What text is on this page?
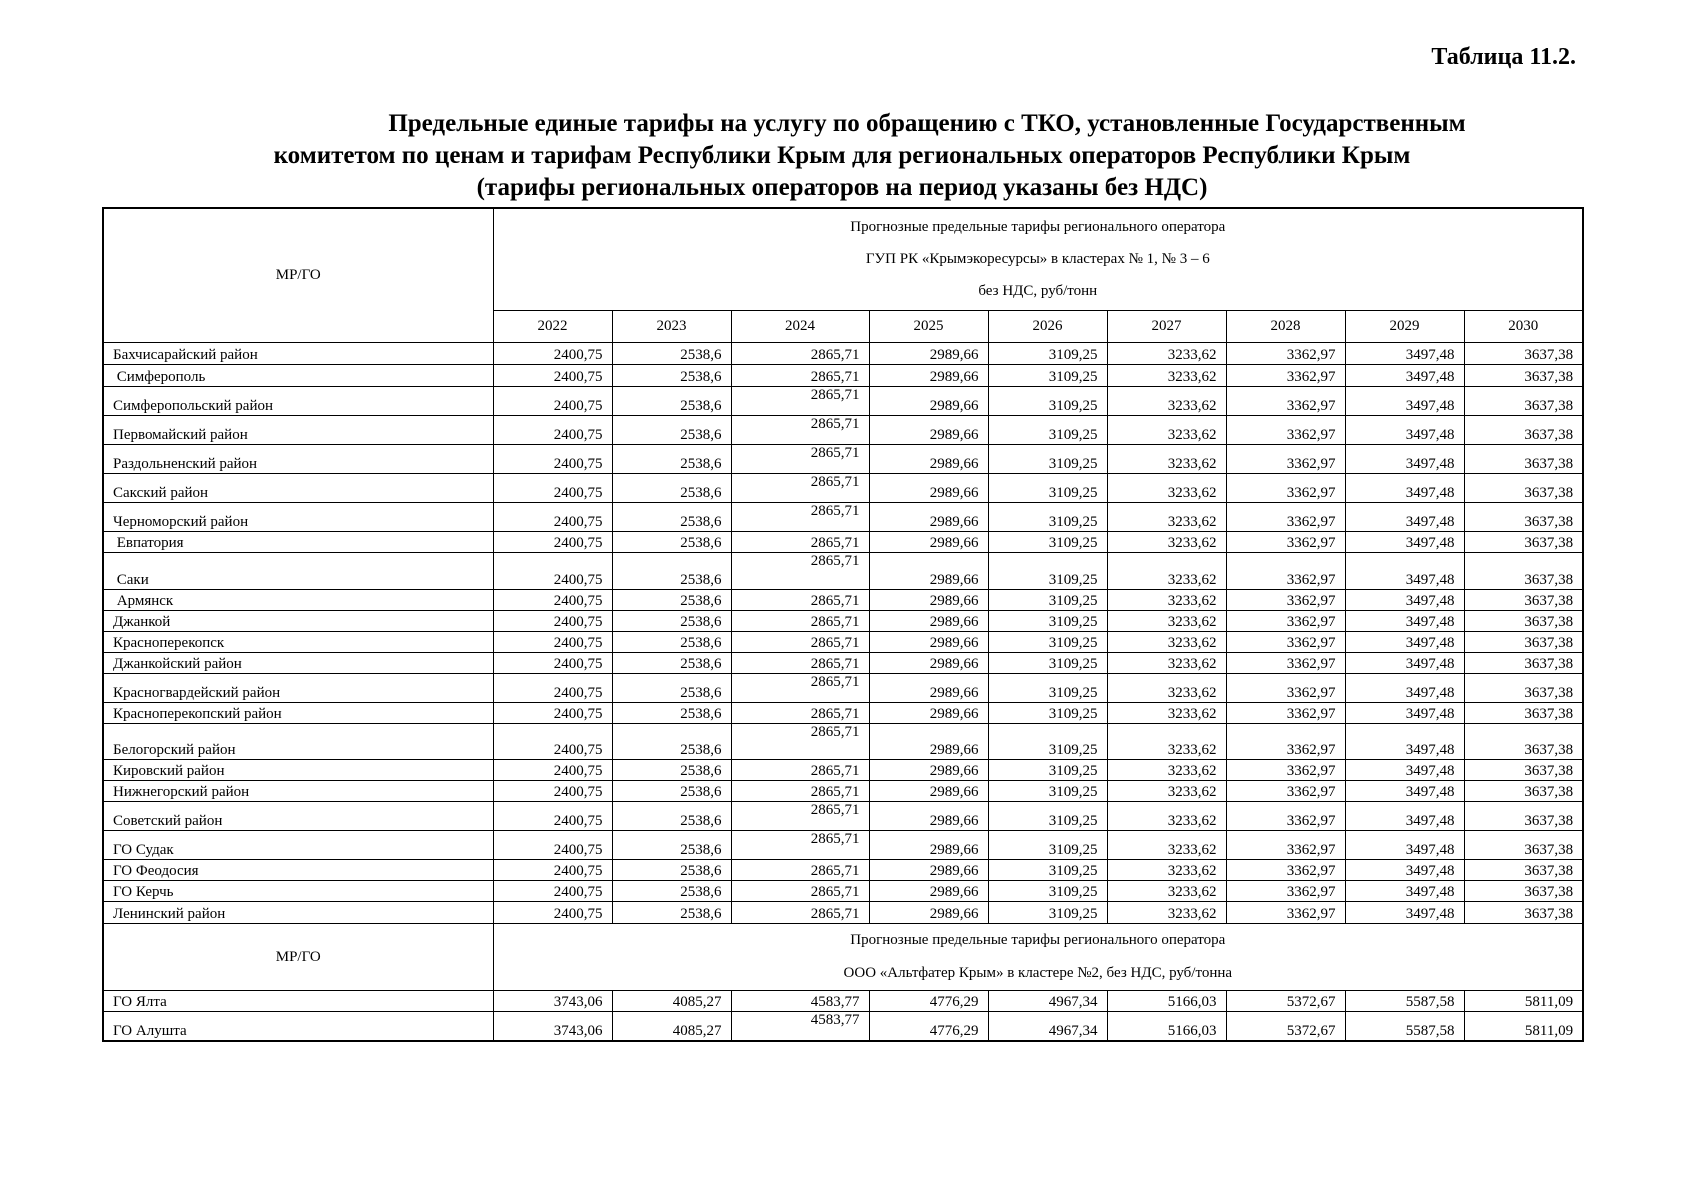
Таблица 11.2.
Предельные единые тарифы на услугу по обращению с ТКО, установленные Государственным
комитетом по ценам и тарифам Республики Крым для региональных операторов Республики Крым
(тарифы региональных операторов на период указаны без НДС)
МР/ГО	Прогнозные предельные тарифы регионального оператора
ГУП РК «Крымэкоресурсы» в кластерах № 1, № 3 – 6
без НДС, руб/тонн								

	2022	2023	2024	2025	2026	2027	2028	2029	2030
Бахчисарайский район	2400,75	2538,6	2865,71	2989,66	3109,25	3233,62	3362,97	3497,48	3637,38
Симферополь	2400,75	2538,6	2865,71	2989,66	3109,25	3233,62	3362,97	3497,48	3637,38
Симферопольский район	2400,75	2538,6	2865,71	2989,66	3109,25	3233,62	3362,97	3497,48	3637,38
Первомайский район	2400,75	2538,6	2865,71	2989,66	3109,25	3233,62	3362,97	3497,48	3637,38
Раздольненский район	2400,75	2538,6	2865,71	2989,66	3109,25	3233,62	3362,97	3497,48	3637,38
Сакский район	2400,75	2538,6	2865,71	2989,66	3109,25	3233,62	3362,97	3497,48	3637,38
Черноморский район	2400,75	2538,6	2865,71	2989,66	3109,25	3233,62	3362,97	3497,48	3637,38
Евпатория	2400,75	2538,6	2865,71	2989,66	3109,25	3233,62	3362,97	3497,48	3637,38
Саки	2400,75	2538,6	2865,71	2989,66	3109,25	3233,62	3362,97	3497,48	3637,38
Армянск	2400,75	2538,6	2865,71	2989,66	3109,25	3233,62	3362,97	3497,48	3637,38
Джанкой	2400,75	2538,6	2865,71	2989,66	3109,25	3233,62	3362,97	3497,48	3637,38
Красноперекопск	2400,75	2538,6	2865,71	2989,66	3109,25	3233,62	3362,97	3497,48	3637,38
Джанкойский район	2400,75	2538,6	2865,71	2989,66	3109,25	3233,62	3362,97	3497,48	3637,38
Красногвардейский район	2400,75	2538,6	2865,71	2989,66	3109,25	3233,62	3362,97	3497,48	3637,38
Красноперекопский район	2400,75	2538,6	2865,71	2989,66	3109,25	3233,62	3362,97	3497,48	3637,38
Белогорский район	2400,75	2538,6	2865,71	2989,66	3109,25	3233,62	3362,97	3497,48	3637,38
Кировский район	2400,75	2538,6	2865,71	2989,66	3109,25	3233,62	3362,97	3497,48	3637,38
Нижнегорский район	2400,75	2538,6	2865,71	2989,66	3109,25	3233,62	3362,97	3497,48	3637,38
Советский район	2400,75	2538,6	2865,71	2989,66	3109,25	3233,62	3362,97	3497,48	3637,38
ГО Судак	2400,75	2538,6	2865,71	2989,66	3109,25	3233,62	3362,97	3497,48	3637,38
ГО Феодосия	2400,75	2538,6	2865,71	2989,66	3109,25	3233,62	3362,97	3497,48	3637,38
ГО Керчь	2400,75	2538,6	2865,71	2989,66	3109,25	3233,62	3362,97	3497,48	3637,38
Ленинский район	2400,75	2538,6	2865,71	2989,66	3109,25	3233,62	3362,97	3497,48	3637,38
МР/ГО	Прогнозные предельные тарифы регионального оператора
ООО «Альтфатер Крым» в кластере №2, без НДС, руб/тонна								

ГО Ялта	3743,06	4085,27	4583,77	4776,29	4967,34	5166,03	5372,67	5587,58	5811,09
ГО Алушта	3743,06	4085,27	4583,77	4776,29	4967,34	5166,03	5372,67	5587,58	5811,09
